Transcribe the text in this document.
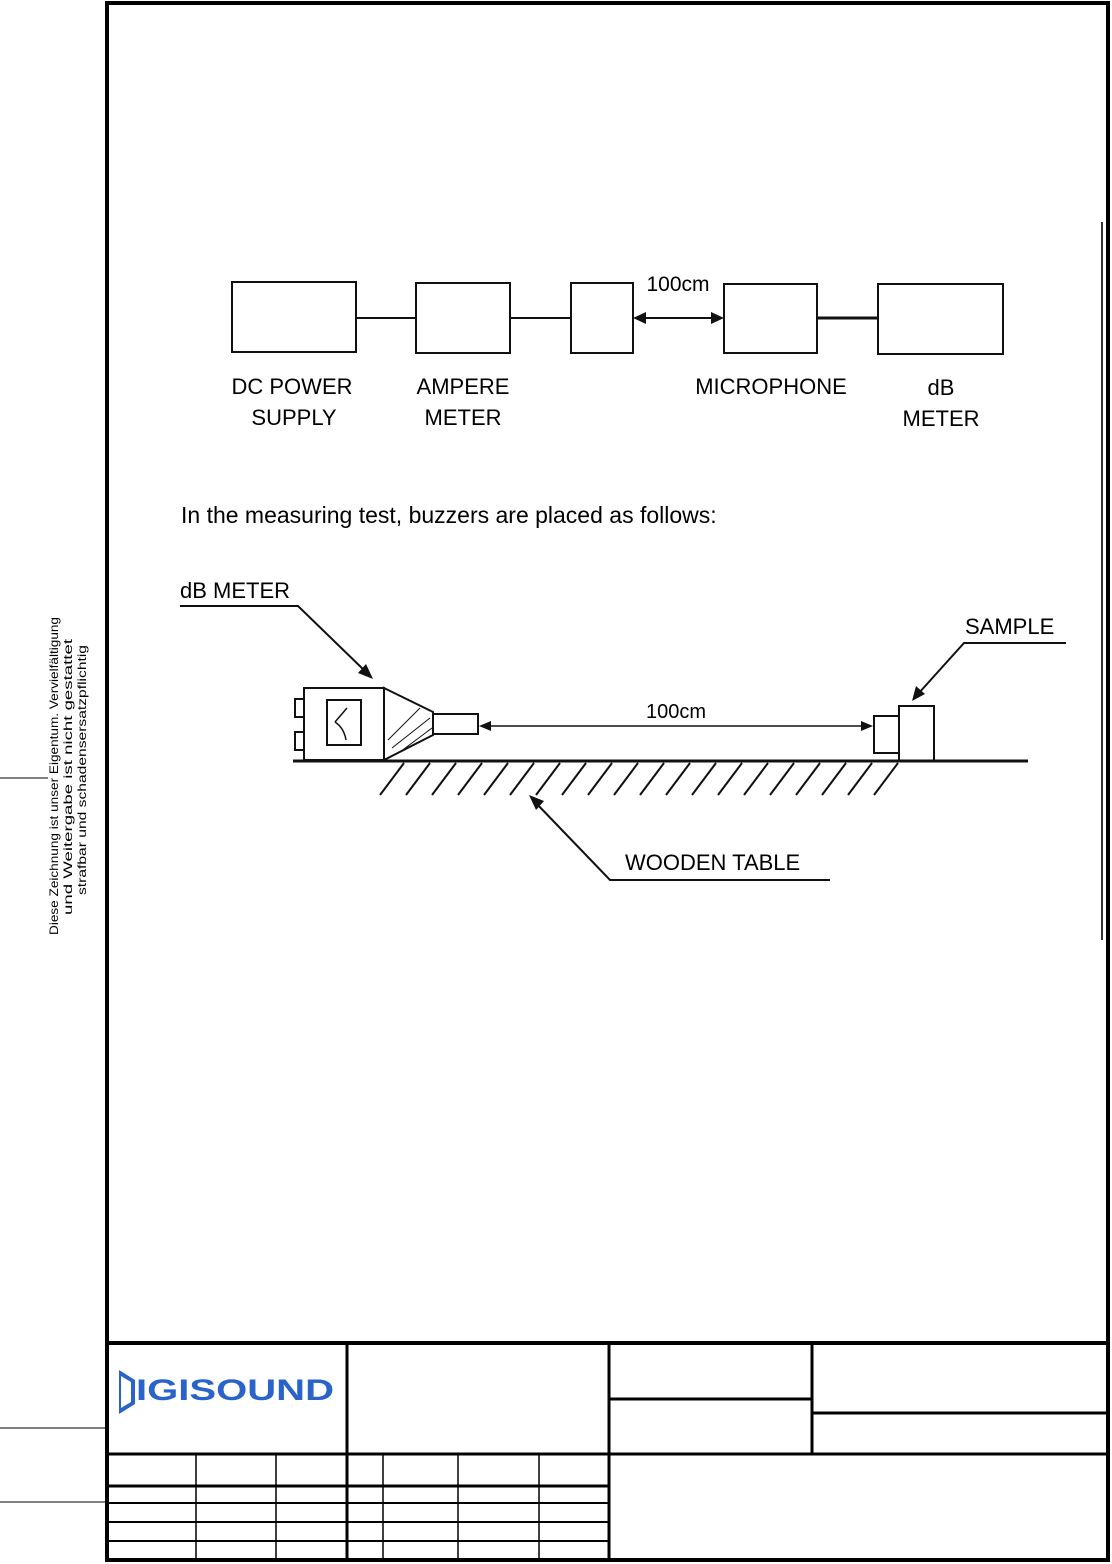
100cm
DC POWER
SUPPLY
AMPERE
METER
MICROPHONE	dB
METER
In the measuring test, buzzers are placed as follows:
dB METER
100cm
SAMPLE
WOODEN TABLE
IGISOUND
Diese Zeichnung ist unser Eigentum. Vervielfältigung und Weitergabe ist nicht gestattet strafbar und schadensersatzpflichtig
